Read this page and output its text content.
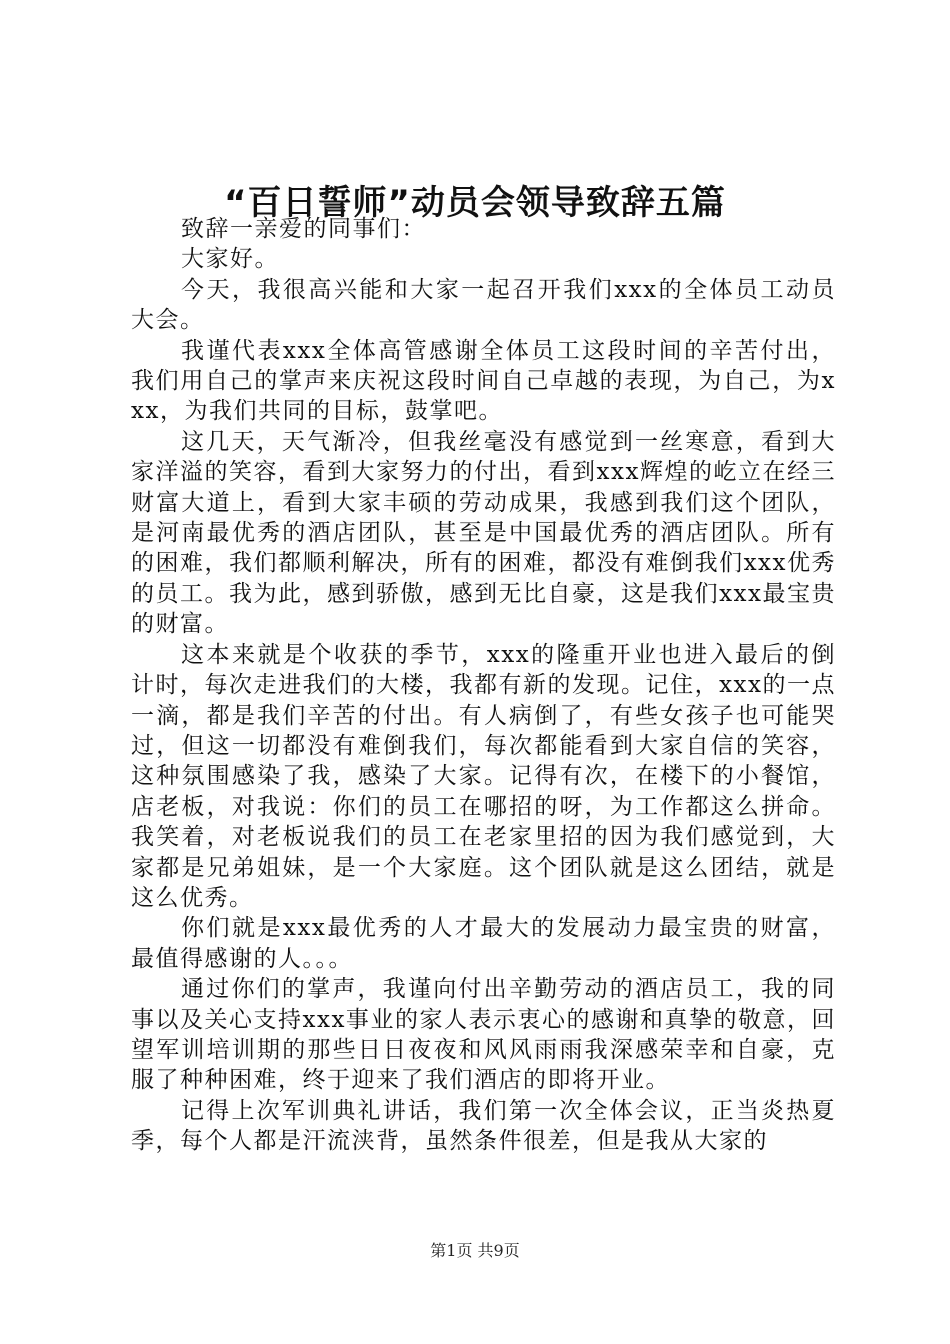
“百日誓师”动员会领导致辞五篇

致辞一亲爱的同事们：

大家好。

今天，我很高兴能和大家一起召开我们xxx的全体员工动员大会。

我谨代表xxx全体高管感谢全体员工这段时间的辛苦付出，我们用自己的掌声来庆祝这段时间自己卓越的表现，为自己，为xxx，为我们共同的目标，鼓掌吧。

这几天，天气渐冷，但我丝毫没有感觉到一丝寒意，看到大家洋溢的笑容，看到大家努力的付出，看到xxx辉煌的屹立在经三财富大道上，看到大家丰硕的劳动成果，我感到我们这个团队，是河南最优秀的酒店团队，甚至是中国最优秀的酒店团队。所有的困难，我们都顺利解决，所有的困难，都没有难倒我们xxx优秀的员工。我为此，感到骄傲，感到无比自豪，这是我们xxx最宝贵的财富。

这本来就是个收获的季节，xxx的隆重开业也进入最后的倒计时，每次走进我们的大楼，我都有新的发现。记住，xxx的一点一滴，都是我们辛苦的付出。有人病倒了，有些女孩子也可能哭过，但这一切都没有难倒我们，每次都能看到大家自信的笑容，这种氛围感染了我，感染了大家。记得有次，在楼下的小餐馆，店老板，对我说：你们的员工在哪招的呀，为工作都这么拼命。我笑着，对老板说我们的员工在老家里招的因为我们感觉到，大家都是兄弟姐妹，是一个大家庭。这个团队就是这么团结，就是这么优秀。

你们就是xxx最优秀的人才最大的发展动力最宝贵的财富，最值得感谢的人。。。

通过你们的掌声，我谨向付出辛勤劳动的酒店员工，我的同事以及关心支持xxx事业的家人表示衷心的感谢和真挚的敬意，回望军训培训期的那些日日夜夜和风风雨雨我深感荣幸和自豪，克服了种种困难，终于迎来了我们酒店的即将开业。

记得上次军训典礼讲话，我们第一次全体会议，正当炎热夏季，每个人都是汗流浃背，虽然条件很差，但是我从大家的

第1页 共9页
